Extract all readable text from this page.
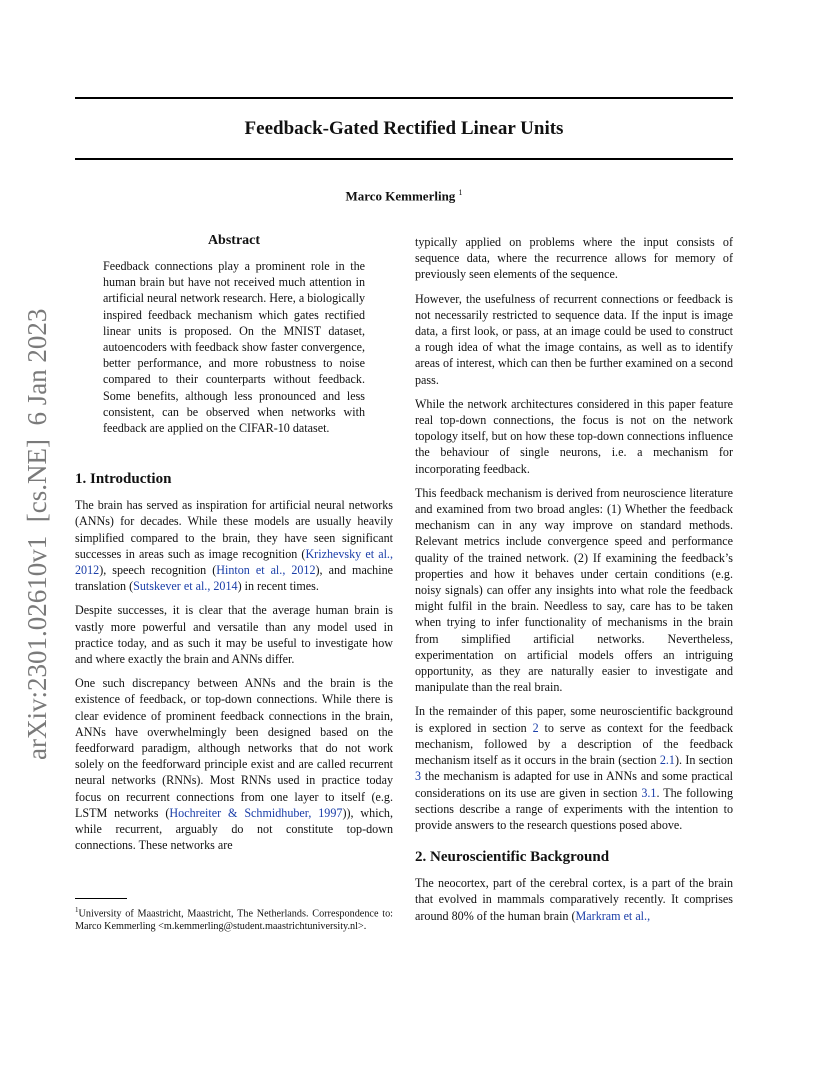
arXiv:2301.02610v1  [cs.NE]  6 Jan 2023
Feedback-Gated Rectified Linear Units
Marco Kemmerling $^1$
Abstract

Feedback connections play a prominent role in the human brain but have not received much attention in artificial neural network research. Here, a biologically inspired feedback mechanism which gates rectified linear units is proposed. On the MNIST dataset, autoencoders with feedback show faster convergence, better performance, and more robustness to noise compared to their counterparts without feedback. Some benefits, although less pronounced and less consistent, can be observed when networks with feedback are applied on the CIFAR-10 dataset.

1. Introduction

The brain has served as inspiration for artificial neural networks (ANNs) for decades. While these models are usually heavily simplified compared to the brain, they have seen significant successes in areas such as image recognition (Krizhevsky et al., 2012), speech recognition (Hinton et al., 2012), and machine translation (Sutskever et al., 2014) in recent times.

Despite successes, it is clear that the average human brain is vastly more powerful and versatile than any model used in practice today, and as such it may be useful to investigate how and where exactly the brain and ANNs differ.

One such discrepancy between ANNs and the brain is the existence of feedback, or top-down connections. While there is clear evidence of prominent feedback connections in the brain, ANNs have overwhelmingly been designed based on the feedforward paradigm, although networks that do not work solely on the feedforward principle exist and are called recurrent neural networks (RNNs). Most RNNs used in practice today focus on recurrent connections from one layer to itself (e.g. LSTM networks (Hochreiter & Schmidhuber, 1997)), which, while recurrent, arguably do not constitute top-down connections. These networks are

$^1$University of Maastricht, Maastricht, The Netherlands. Correspondence to: Marco Kemmerling <m.kemmerling@student.maastrichtuniversity.nl>.

typically applied on problems where the input consists of sequence data, where the recurrence allows for memory of previously seen elements of the sequence.

However, the usefulness of recurrent connections or feedback is not necessarily restricted to sequence data. If the input is image data, a first look, or pass, at an image could be used to construct a rough idea of what the image contains, as well as to identify areas of interest, which can then be further examined on a second pass.

While the network architectures considered in this paper feature real top-down connections, the focus is not on the network topology itself, but on how these top-down connections influence the behaviour of single neurons, i.e. a mechanism for incorporating feedback.

This feedback mechanism is derived from neuroscience literature and examined from two broad angles: (1) Whether the feedback mechanism can in any way improve on standard methods. Relevant metrics include convergence speed and performance quality of the trained network. (2) If examining the feedback’s properties and how it behaves under certain conditions (e.g. noisy signals) can offer any insights into what role the feedback might fulfil in the brain. Needless to say, care has to be taken when trying to infer functionality of mechanisms in the brain from simplified artificial networks. Nevertheless, experimentation on artificial models offers an intriguing opportunity, as they are naturally easier to investigate and manipulate than the real brain.

In the remainder of this paper, some neuroscientific background is explored in section 2 to serve as context for the feedback mechanism, followed by a description of the feedback mechanism itself as it occurs in the brain (section 2.1). In section 3 the mechanism is adapted for use in ANNs and some practical considerations on its use are given in section 3.1. The following sections describe a range of experiments with the intention to provide answers to the research questions posed above.

2. Neuroscientific Background

The neocortex, part of the cerebral cortex, is a part of the brain that evolved in mammals comparatively recently. It comprises around 80% of the human brain (Markram et al.,
